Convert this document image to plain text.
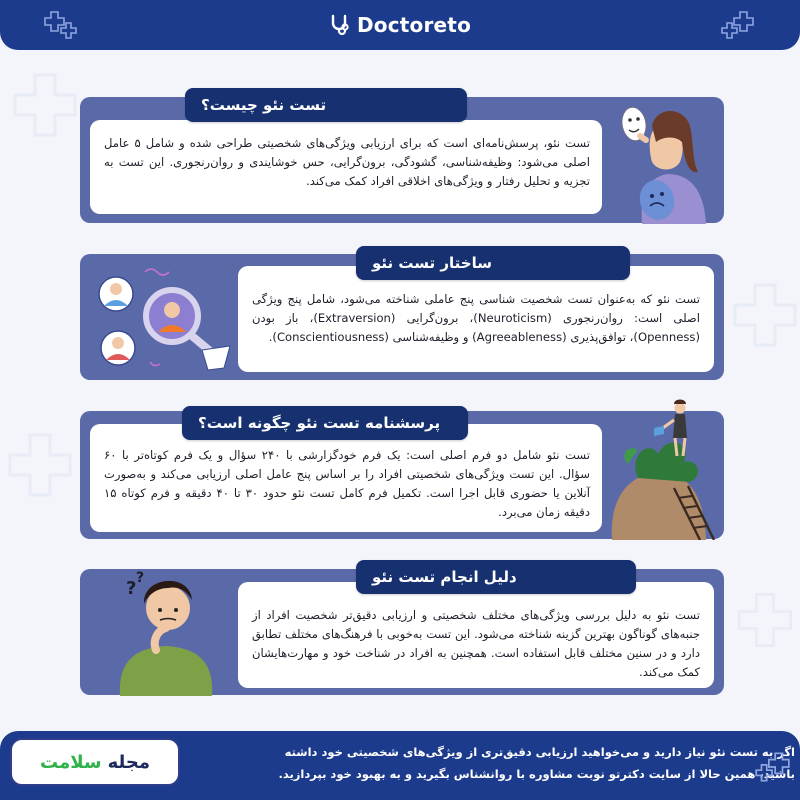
Doctoreto
تست نئو، پرسش‌نامه‌ای است که برای ارزیابی ویژگی‌های شخصیتی طراحی شده و شامل ۵ عامل اصلی می‌شود: وظیفه‌شناسی، گشودگی، برون‌گرایی، حس خوشایندی و روان‌رنجوری. این تست به تجزیه و تحلیل رفتار و ویژگی‌های اخلاقی افراد کمک می‌کند.
تست نئو چیست؟
تست نئو که به‌عنوان تست شخصیت شناسی پنج عاملی شناخته می‌شود، شامل پنج ویژگی اصلی است: روان‌رنجوری (Neuroticism)، برون‌گرایی (Extraversion)، باز بودن (Openness)، توافق‌پذیری (Agreeableness) و وظیفه‌شناسی (Conscientiousness).
ساختار تست نئو
تست نئو شامل دو فرم اصلی است: یک فرم خودگزارشی با ۲۴۰ سؤال و یک فرم کوتاه‌تر با ۶۰ سؤال. این تست ویژگی‌های شخصیتی افراد را بر اساس پنج عامل اصلی ارزیابی می‌کند و به‌صورت آنلاین یا حضوری قابل اجرا است. تکمیل فرم کامل تست نئو حدود ۳۰ تا ۴۰ دقیقه و فرم کوتاه ۱۵ دقیقه زمان می‌برد.
پرسشنامه تست نئو چگونه است؟
تست نئو به دلیل بررسی ویژگی‌های مختلف شخصیتی و ارزیابی دقیق‌تر شخصیت افراد از جنبه‌های گوناگون بهترین گزینه شناخته می‌شود. این تست به‌خوبی با فرهنگ‌های مختلف تطابق دارد و در سنین مختلف قابل استفاده است. همچنین به افراد در شناخت خود و مهارت‌هایشان کمک می‌کند.
دلیل انجام تست نئو
? ?
اگر به تست نئو نیاز دارید و می‌خواهید ارزیابی دقیق‌تری از ویژگی‌های شخصیتی خود داشته
باشید، همین حالا از سایت دکترتو نوبت مشاوره با روانشناس بگیرید و به بهبود خود بپردازید.
مجله
سلامت
